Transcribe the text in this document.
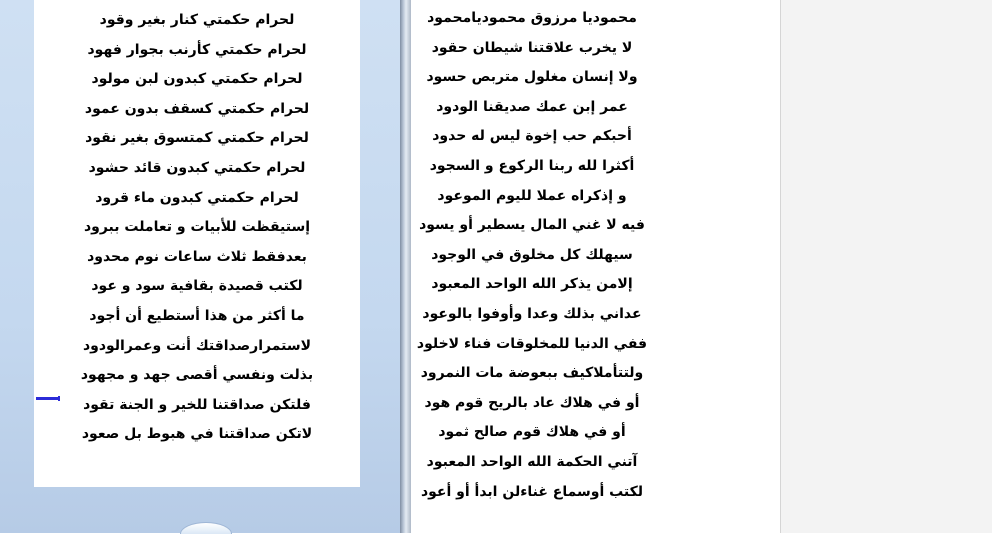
لحرام حكمتي كنار بغير وقود
لحرام حكمتي كأرنب بجوار فهود
لحرام حكمتي كبدون لبن مولود
لحرام حكمتي كسقف بدون عمود
لحرام حكمتي كمتسوق بغير نقود
لحرام حكمتي كبدون قائد حشود
لحرام حكمتي كبدون ماء قرود
إستيقظت للأبيات و تعاملت ببرود
بعدفقط ثلاث ساعات نوم محدود
لكتب قصيدة بقافية سود و عود
ما أكثر من هذا أستطيع أن أجود
لاستمرارصداقتك أنت وعمرالودود
بذلت ونفسي أقصى جهد و مجهود
فلتكن صداقتنا للخير و الجنة تقود
لاتكن صداقتنا في هبوط بل صعود
محموديا مرزوق محموديامحمود
لا يخرب علاقتنا شيطان حقود
ولا إنسان مغلول متربص حسود
عمر إبن عمك صديقنا الودود
أحبكم حب إخوة ليس له حدود
أكثرا لله ربنا الركوع و السجود
و إذكراه عملا لليوم الموعود
فيه لا غني المال يسطير أو يسود
سيهلك كل مخلوق في الوجود
إلامن يذكر الله الواحد المعبود
عداني بذلك وعدا وأوفوا بالوعود
ففي الدنيا للمخلوقات فناء لاخلود
ولتتأملاكيف ببعوضة مات النمرود
أو في هلاك عاد بالريح قوم هود
أو في هلاك قوم صالح ثمود
آتني الحكمة الله الواحد المعبود
لكتب أوسماع غناءلن ابدأ أو أعود
